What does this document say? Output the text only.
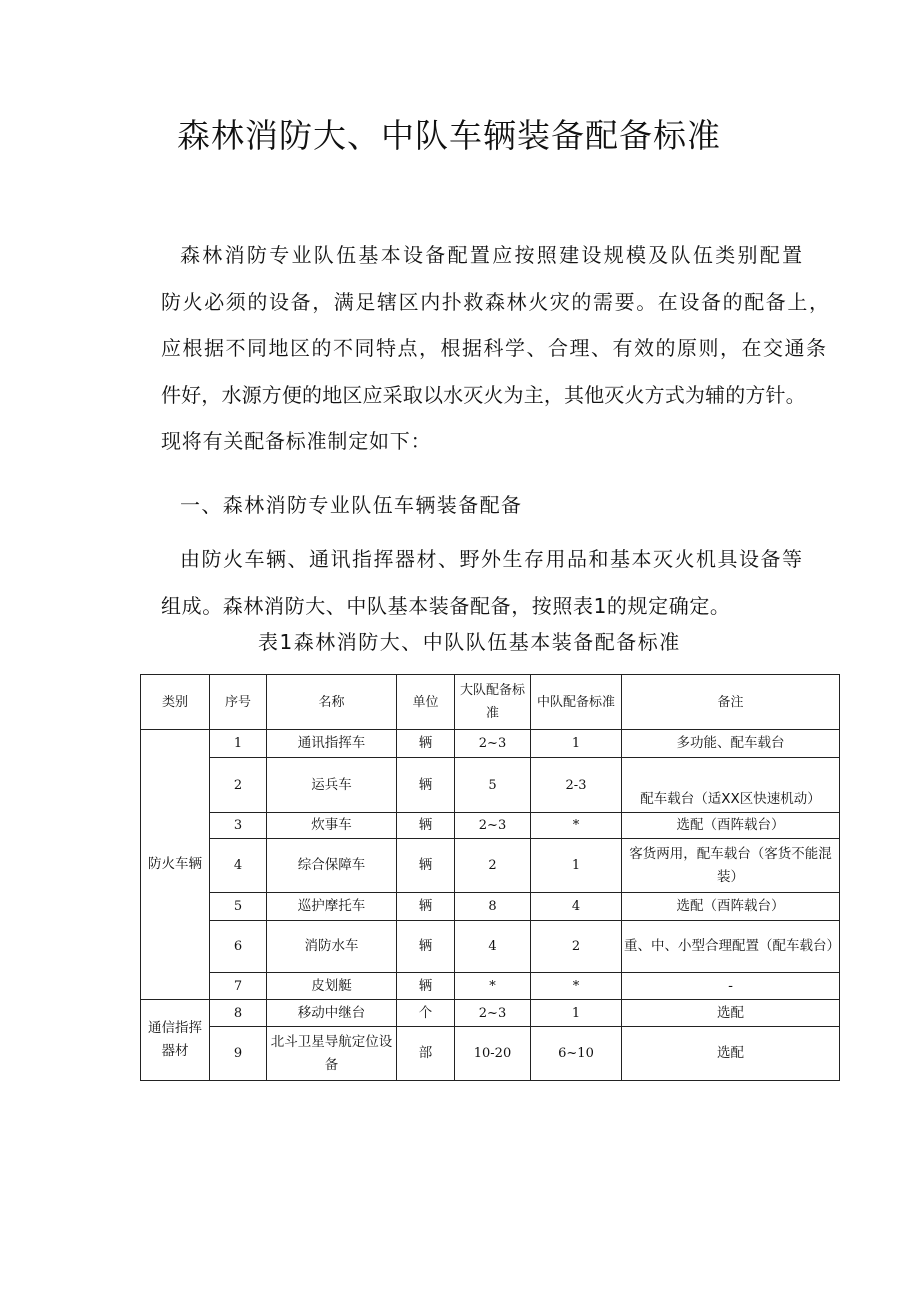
森林消防大、中队车辆装备配备标准
森林消防专业队伍基本设备配置应按照建设规模及队伍类别配置
防火必须的设备，满足辖区内扑救森林火灾的需要。在设备的配备上，
应根据不同地区的不同特点，根据科学、合理、有效的原则，在交通条
件好，水源方便的地区应采取以水灭火为主，其他灭火方式为辅的方针。
现将有关配备标准制定如下：
一、森林消防专业队伍车辆装备配备
由防火车辆、通讯指挥器材、野外生存用品和基本灭火机具设备等
组成。森林消防大、中队基本装备配备，按照表1的规定确定。
表1森林消防大、中队队伍基本装备配备标准
类别	序号	名称	单位	大队配备标准	中队配备标准	备注
防火车辆	1	通讯指挥车	辆	2~3	1	多功能、配车载台
	2	运兵车	辆	5	2-3	配车载台（适XX区快速机动）
	3	炊事车	辆	2~3	*	选配（酉阵载台）
	4	综合保障车	辆	2	1	客货两用，配车载台（客货不能混装）
	5	巡护摩托车	辆	8	4	选配（酉阵载台）
	6	消防水车	辆	4	2	重、中、小型合理配置（配车载台）
	7	皮划艇	辆	*	*	-
通信指挥器材	8	移动中继台	个	2~3	1	选配
	9	北斗卫星导航定位设备	部	10-20	6~10	选配
